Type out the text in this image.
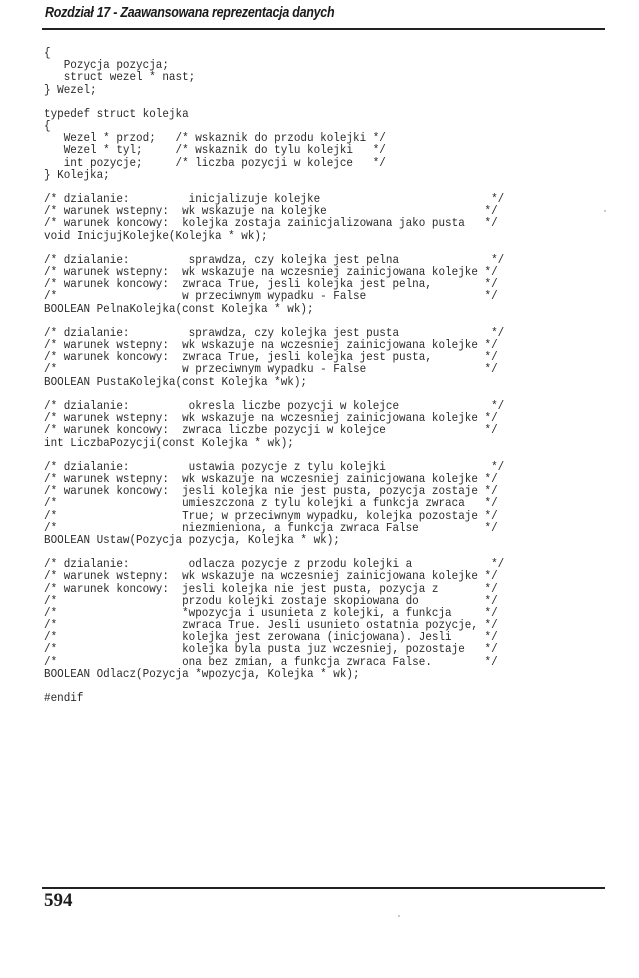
Rozdział 17 - Zaawansowana reprezentacja danych
{
Pozycja pozycja;
struct wezel * nast;
} Wezel;
typedef struct kolejka
{
Wezel * przod;   /* wskaznik do przodu kolejki */
Wezel * tyl;     /* wskaznik do tylu kolejki   */
int pozycje;     /* liczba pozycji w kolejce   */
} Kolejka;
/* dzialanie:         inicjalizuje kolejke                          */
/* warunek wstepny:  wk wskazuje na kolejke                        */
/* warunek koncowy:  kolejka zostaja zainicjalizowana jako pusta   */
void InicjujKolejke(Kolejka * wk);
/* dzialanie:         sprawdza, czy kolejka jest pelna              */
/* warunek wstepny:  wk wskazuje na wczesniej zainicjowana kolejke */
/* warunek koncowy:  zwraca True, jesli kolejka jest pelna,        */
/*                   w przeciwnym wypadku - False                  */
BOOLEAN PelnaKolejka(const Kolejka * wk);
/* dzialanie:         sprawdza, czy kolejka jest pusta              */
/* warunek wstepny:  wk wskazuje na wczesniej zainicjowana kolejke */
/* warunek koncowy:  zwraca True, jesli kolejka jest pusta,        */
/*                   w przeciwnym wypadku - False                  */
BOOLEAN PustaKolejka(const Kolejka *wk);
/* dzialanie:         okresla liczbe pozycji w kolejce              */
/* warunek wstepny:  wk wskazuje na wczesniej zainicjowana kolejke */
/* warunek koncowy:  zwraca liczbe pozycji w kolejce               */
int LiczbaPozycji(const Kolejka * wk);
/* dzialanie:         ustawia pozycje z tylu kolejki                */
/* warunek wstepny:  wk wskazuje na wczesniej zainicjowana kolejke */
/* warunek koncowy:  jesli kolejka nie jest pusta, pozycja zostaje */
/*                   umieszczona z tylu kolejki a funkcja zwraca   */
/*                   True; w przeciwnym wypadku, kolejka pozostaje */
/*                   niezmieniona, a funkcja zwraca False          */
BOOLEAN Ustaw(Pozycja pozycja, Kolejka * wk);
/* dzialanie:         odlacza pozycje z przodu kolejki a            */
/* warunek wstepny:  wk wskazuje na wczesniej zainicjowana kolejke */
/* warunek koncowy:  jesli kolejka nie jest pusta, pozycja z       */
/*                   przodu kolejki zostaje skopiowana do          */
/*                   *wpozycja i usunieta z kolejki, a funkcja     */
/*                   zwraca True. Jesli usunieto ostatnia pozycje, */
/*                   kolejka jest zerowana (inicjowana). Jesli     */
/*                   kolejka byla pusta juz wczesniej, pozostaje   */
/*                   ona bez zmian, a funkcja zwraca False.        */
BOOLEAN Odlacz(Pozycja *wpozycja, Kolejka * wk);
#endif
594
